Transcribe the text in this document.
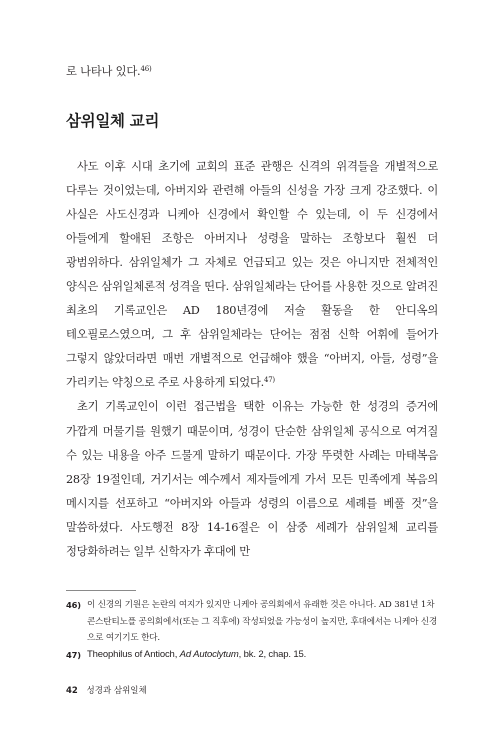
로 나타나 있다.$^{46)}$
삼위일체 교리

사도 이후 시대 초기에 교회의 표준 관행은 신격의 위격들을 개별적으로 다루는 것이었는데, 아버지와 관련해 아들의 신성을 가장 크게 강조했다. 이 사실은 사도신경과 니케아 신경에서 확인할 수 있는데, 이 두 신경에서 아들에게 할애된 조항은 아버지나 성령을 말하는 조항보다 훨씬 더 광범위하다. 삼위일체가 그 자체로 언급되고 있는 것은 아니지만 전체적인 양식은 삼위일체론적 성격을 띤다. 삼위일체라는 단어를 사용한 것으로 알려진 최초의 기록교인은 AD 180년경에 저술 활동을 한 안디옥의 테오필로스였으며, 그 후 삼위일체라는 단어는 점점 신학 어휘에 들어가 그렇지 않았더라면 매번 개별적으로 언급해야 했을 “아버지, 아들, 성령”을 가리키는 약칭으로 주로 사용하게 되었다.$^{47)}$

초기 기록교인이 이런 접근법을 택한 이유는 가능한 한 성경의 증거에 가깝게 머물기를 원했기 때문이며, 성경이 단순한 삼위일체 공식으로 여겨질 수 있는 내용을 아주 드물게 말하기 때문이다. 가장 뚜렷한 사례는 마태복음 28장 19절인데, 거기서는 예수께서 제자들에게 가서 모든 민족에게 복음의 메시지를 선포하고 “아버지와 아들과 성령의 이름으로 세례를 베풀 것”을 말씀하셨다. 사도행전 8장 14-16절은 이 삼중 세례가 삼위일체 교리를 정당화하려는 일부 신학자가 후대에 만

46) 이 신경의 기원은 논란의 여지가 있지만 니케아 공의회에서 유래한 것은 아니다. AD 381년 1차 콘스탄티노플 공의회에서(또는 그 직후에) 작성되었을 가능성이 높지만, 후대에서는 니케아 신경으로 여기기도 한다.
47) Theophilus of Antioch, Ad Autoclytum, bk. 2, chap. 15.
42 성경과 삼위일체
